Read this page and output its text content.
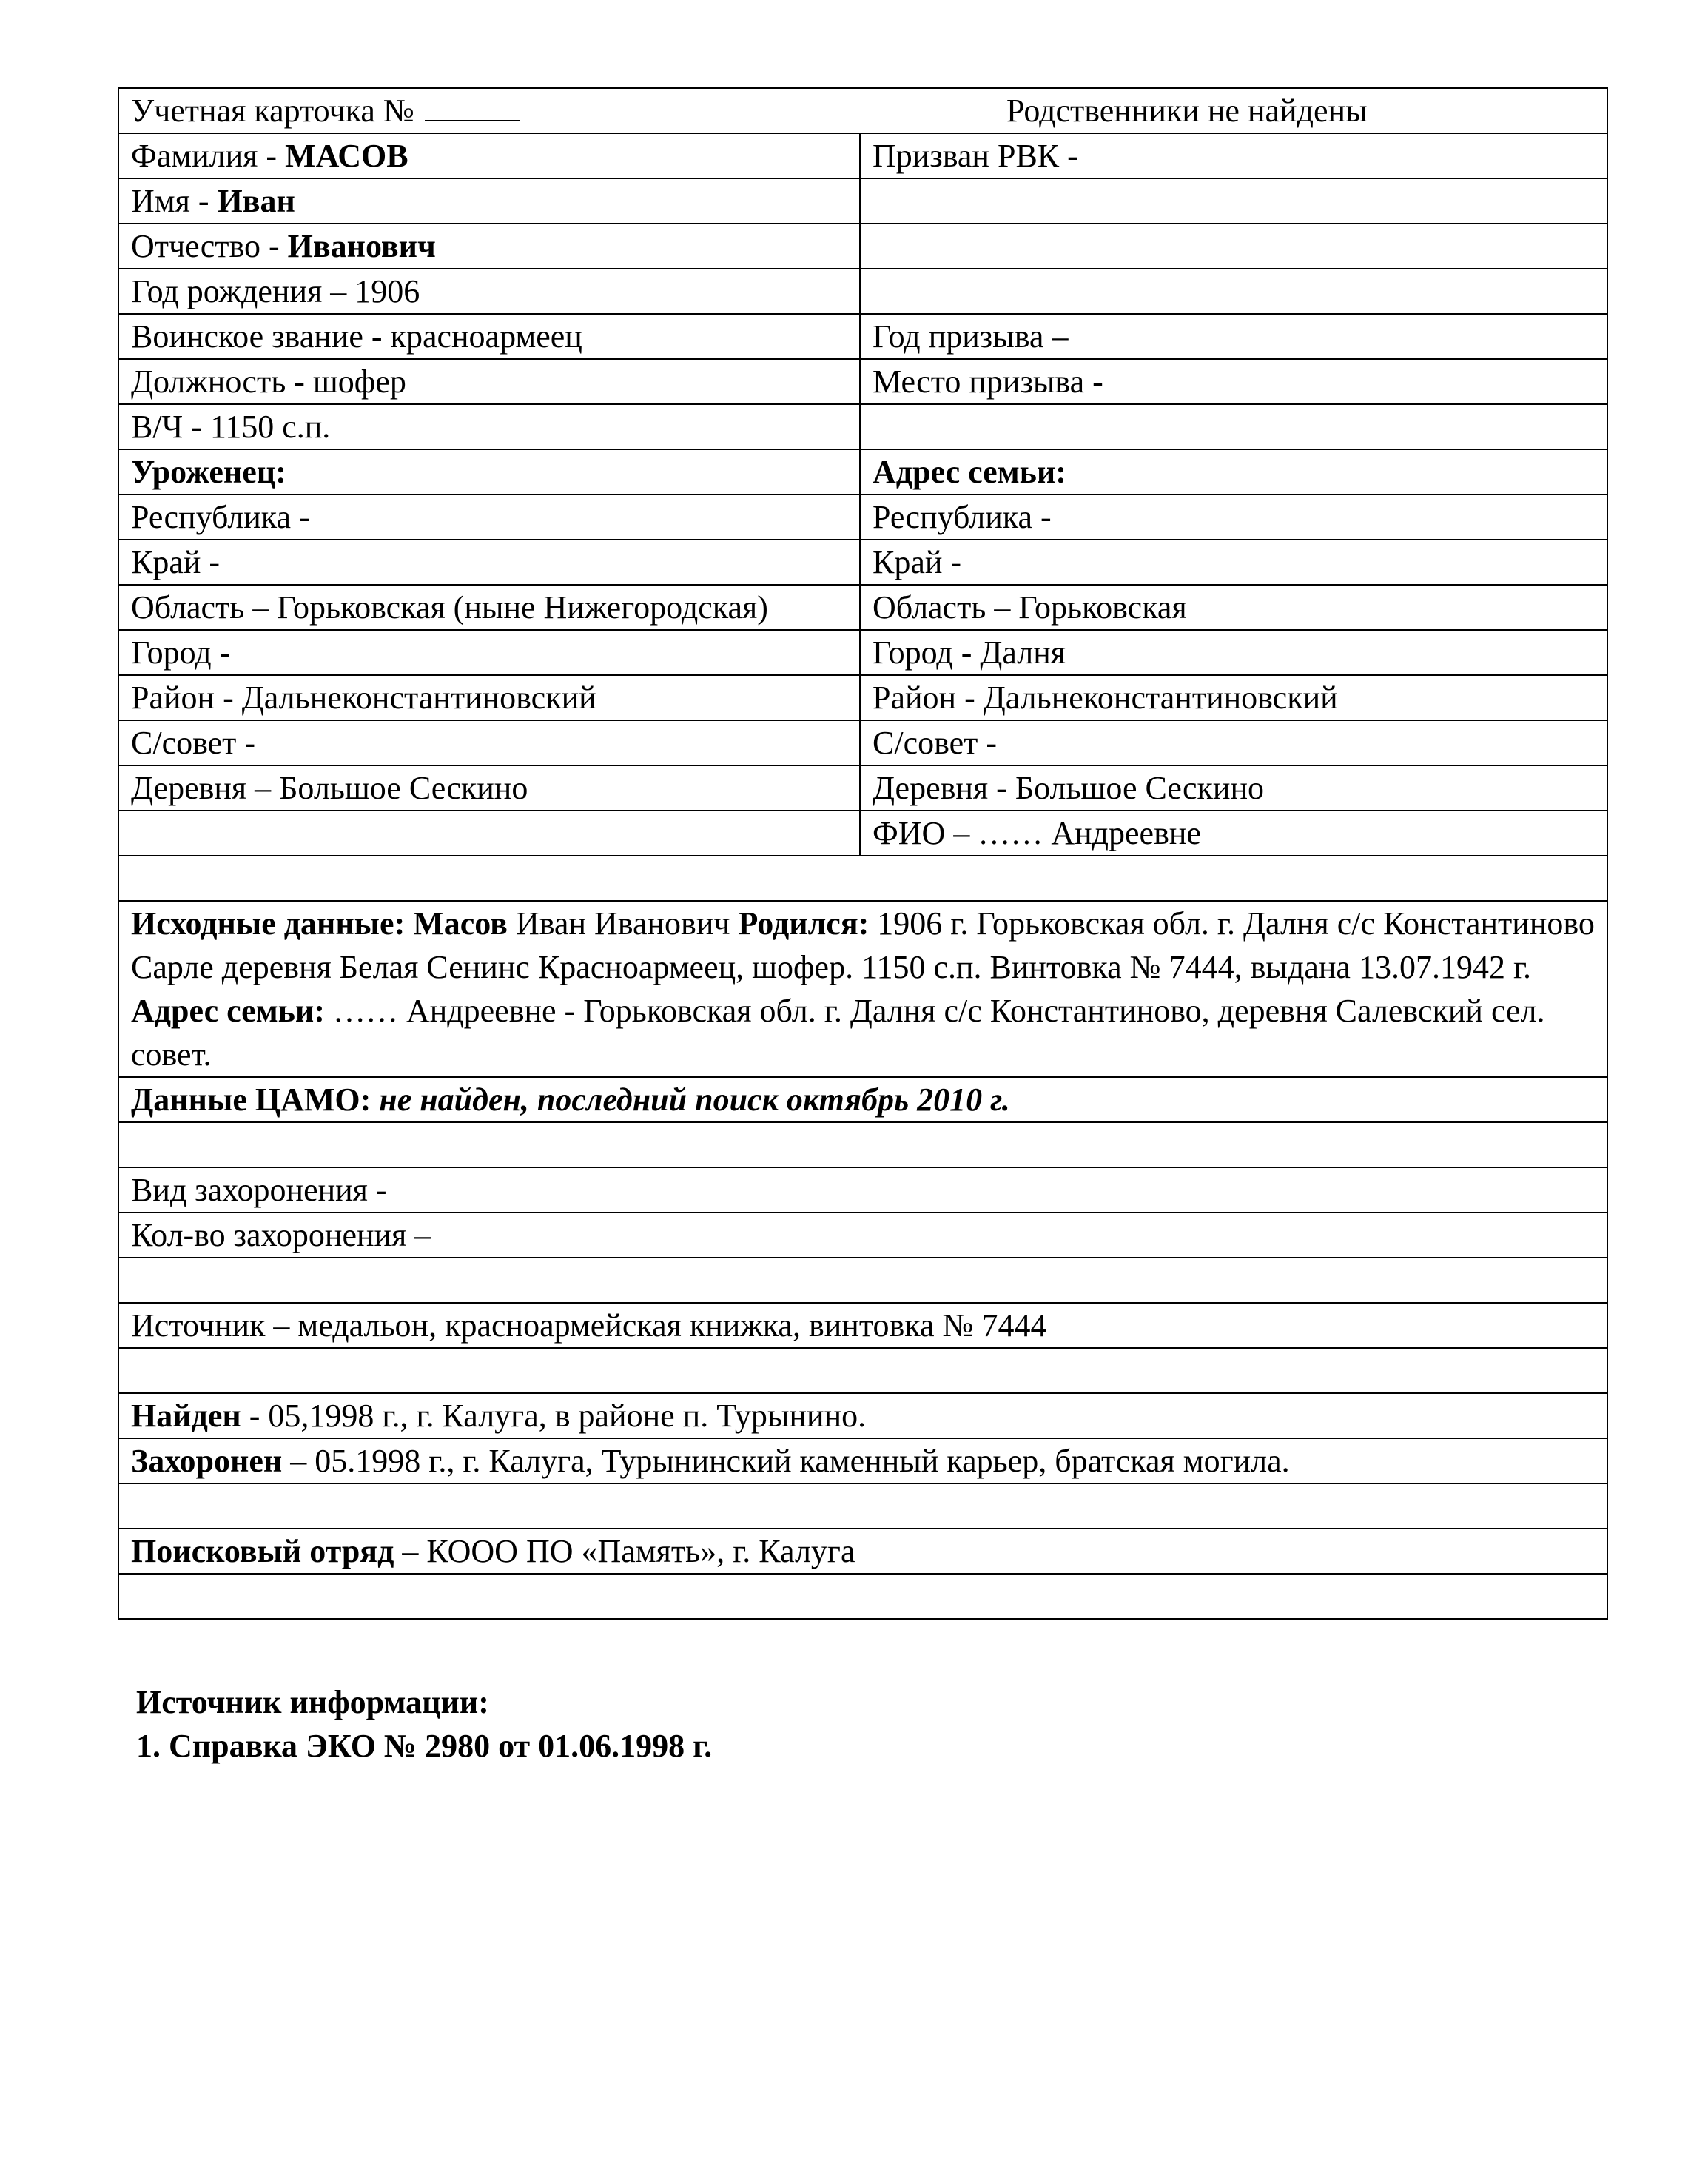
Учетная карточка № Родственники не найдены	

Фамилия - МАСОВ	Призван РВК -
Имя - Иван	
Отчество - Иванович	
Год рождения – 1906	
Воинское звание - красноармеец	Год призыва –
Должность - шофер	Место призыва -
В/Ч - 1150 с.п.	
Уроженец:	Адрес семьи:
Республика -	Республика -
Край -	Край -
Область – Горьковская (ныне Нижегородская)	Область – Горьковская
Город -	Город - Далня
Район - Дальнеконстантиновский	Район - Дальнеконстантиновский
С/совет -	С/совет -
Деревня – Большое Сескино	Деревня - Большое Сескино
	ФИО – …… Андреевне

Исходные данные: Масов Иван Иванович Родился: 1906 г. Горьковская обл. г. Далня с/с Константиново Сарле деревня Белая Сенинс Красноармеец, шофер. 1150 с.п. Винтовка № 7444, выдана 13.07.1942 г. Адрес семьи: …… Андреевне - Горьковская обл. г. Далня с/с Константиново, деревня Салевский сел. совет.	
Данные ЦАМО: не найден, последний поиск октябрь 2010 г.	

Вид захоронения -	
Кол-во захоронения –	

Источник – медальон, красноармейская книжка, винтовка № 7444	

Найден - 05,1998 г., г. Калуга, в районе п. Турынино.	
Захоронен – 05.1998 г., г. Калуга, Турынинский каменный карьер, братская могила.	

Поисковый отряд – КООО ПО «Память», г. Калуга	

Источник информации:
1. Справка ЭКО № 2980 от 01.06.1998 г.
